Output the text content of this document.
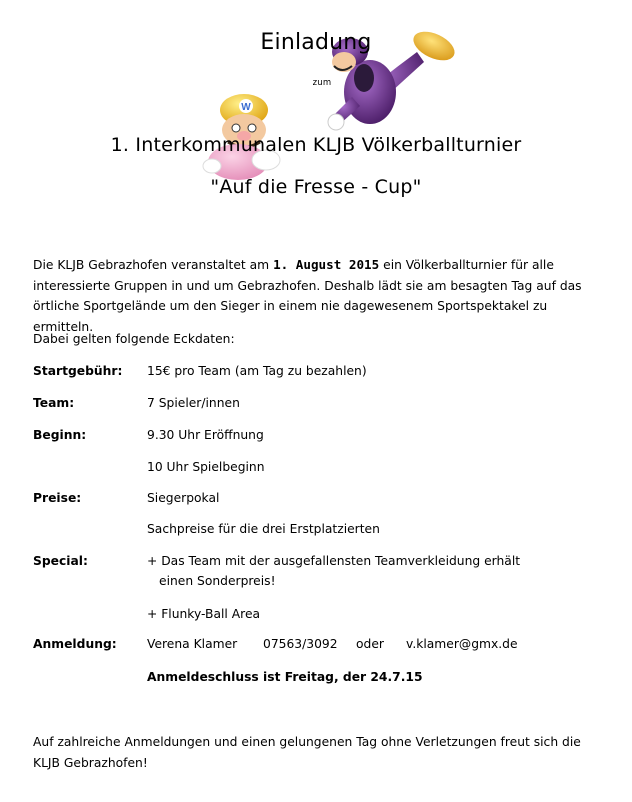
W
Einladung
zum
1. Interkommunalen KLJB Völkerballturnier
"Auf die Fresse - Cup"
Die KLJB Gebrazhofen veranstaltet am 1. August 2015 ein Völkerballturnier für alle interessierte Gruppen in und um Gebrazhofen. Deshalb lädt sie am besagten Tag auf das örtliche Sportgelände um den Sieger in einem nie dagewesenem Sportspektakel zu ermitteln.
Dabei gelten folgende Eckdaten:
Startgebühr: 15€ pro Team (am Tag zu bezahlen)
Team:	7 Spieler/innen
Beginn:	9.30 Uhr Eröffnung
10 Uhr Spielbeginn
Preise:	Siegerpokal
Sachpreise für die drei Erstplatzierten
Special:	+ Das Team mit der ausgefallensten Teamverkleidung erhält
einen Sonderpreis!
+ Flunky-Ball Area
Anmeldung: Verena Klamer 07563/3092 oder v.klamer@gmx.de
Anmeldeschluss ist Freitag, der 24.7.15
Auf zahlreiche Anmeldungen und einen gelungenen Tag ohne Verletzungen freut sich die KLJB Gebrazhofen!
